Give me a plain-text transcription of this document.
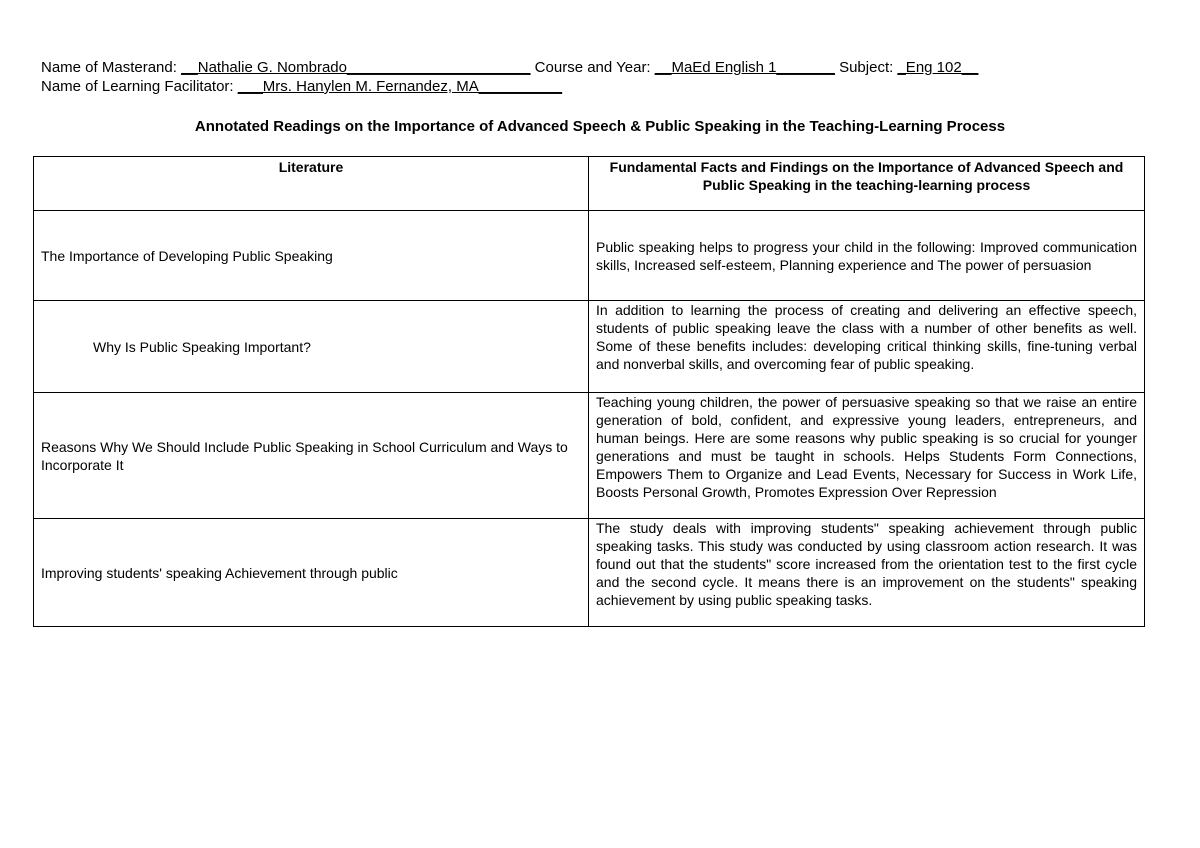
Name of Masterand: __Nathalie G. Nombrado______________________ Course and Year: __MaEd English 1_______ Subject: _Eng 102__
Name of Learning Facilitator: ___Mrs. Hanylen M. Fernandez, MA__________
Annotated Readings on the Importance of Advanced Speech & Public Speaking in the Teaching-Learning Process
Literature	Fundamental Facts and Findings on the Importance of Advanced Speech and Public Speaking in the teaching-learning process
The Importance of Developing Public Speaking	Public speaking helps to progress your child in the following: Improved communication skills, Increased self-esteem, Planning experience and The power of persuasion
Why Is Public Speaking Important?	In addition to learning the process of creating and delivering an effective speech, students of public speaking leave the class with a number of other benefits as well. Some of these benefits includes: developing critical thinking skills, fine-tuning verbal and nonverbal skills, and overcoming fear of public speaking.
Reasons Why We Should Include Public Speaking in School Curriculum and Ways to Incorporate It	Teaching young children, the power of persuasive speaking so that we raise an entire generation of bold, confident, and expressive young leaders, entrepreneurs, and human beings. Here are some reasons why public speaking is so crucial for younger generations and must be taught in schools. Helps Students Form Connections, Empowers Them to Organize and Lead Events, Necessary for Success in Work Life, Boosts Personal Growth, Promotes Expression Over Repression
Improving students' speaking Achievement through public	The study deals with improving students" speaking achievement through public speaking tasks. This study was conducted by using classroom action research. It was found out that the students" score increased from the orientation test to the first cycle and the second cycle. It means there is an improvement on the students" speaking achievement by using public speaking tasks.
